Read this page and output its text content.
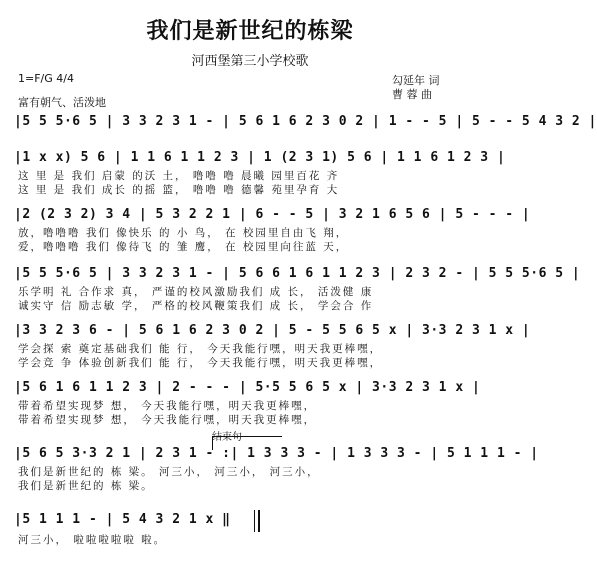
我们是新世纪的栋梁
河西堡第三小学校歌
1=F/G 4/4	勾延年 词
曹 蓉 曲
富有朝气、活泼地
|5 5 5·6 5 | 3 3 2 3 1 - | 5 6 1 6 2 3 0 2 | 1 - - 5 | 5 - - 5 4 3 2 |
|1 x x) 5 6 | 1 1 6 1 1 2 3 | 1 (2 3 1) 5 6 | 1 1 6 1 2 3 |
这 里 是 我们 启蒙 的沃 土， 噜噜 噜 晨曦 园里百花 齐
这 里 是 我们 成长 的摇 篮， 噜噜 噜 德馨 苑里孕育 大
|2 (2 3 2) 3 4 | 5 3 2 2 1 | 6 - - 5 | 3 2 1 6 5 6 | 5 - - - |
放，噜噜噜 我们 像快乐 的 小 鸟， 在 校园里自由飞 翔，
爱，噜噜噜 我们 像待飞 的 雏 鹰， 在 校园里向往蓝 天，
|5 5 5·6 5 | 3 3 2 3 1 - | 5 6 6 1 6 1 1 2 3 | 2 3 2 - | 5 5 5·6 5 |
乐学明 礼 合作求 真， 严谨的校风激励我们 成 长， 活泼健 康
诚实守 信 励志敏 学， 严格的校风鞭策我们 成 长， 学会合 作
|3 3 2 3 6 - | 5 6 1 6 2 3 0 2 | 5 - 5 5 6 5 x | 3·3 2 3 1 x |
学会探 索 奠定基础我们 能 行， 今天我能行嘿，明天我更棒嘿，
学会竞 争 体验创新我们 能 行， 今天我能行嘿，明天我更棒嘿，
|5 6 1 6 1 1 2 3 | 2 - - - | 5·5 5 6 5 x | 3·3 2 3 1 x |
带着希望实现梦 想， 今天我能行嘿，明天我更棒嘿，
带着希望实现梦 想， 今天我能行嘿，明天我更棒嘿，
结束句
|5 6 5 3·3 2 1 | 2 3 1 - :| 1 3 3 3 - | 1 3 3 3 - | 5 1 1 1 - |
我们是新世纪的 栋 梁。 河三小， 河三小， 河三小，
我们是新世纪的 栋 梁。
|5 1 1 1 - | 5 4 3 2 1 x ‖
河三小， 啦啦啦啦啦 啦。
